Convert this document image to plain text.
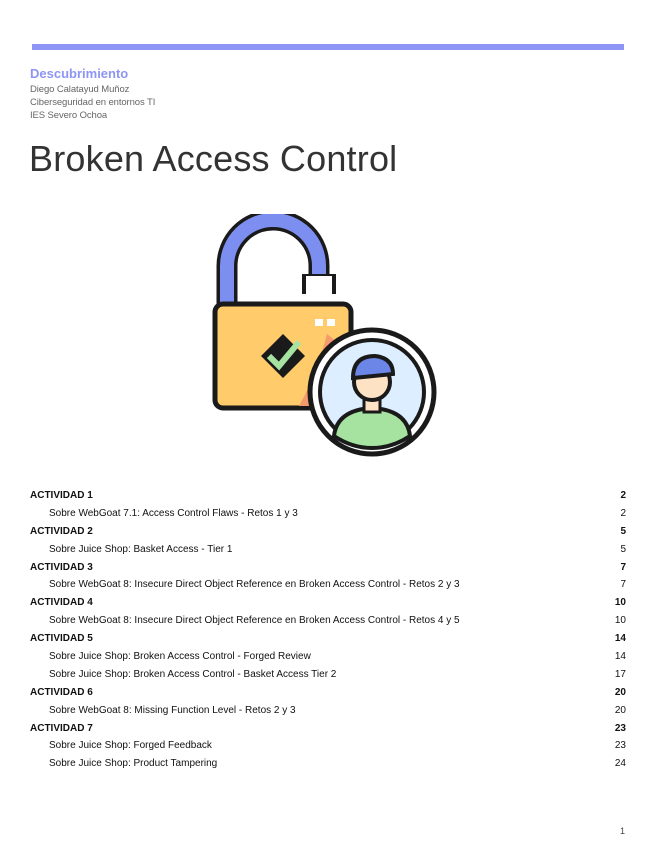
Descubrimiento
Diego Calatayud Muñoz
Ciberseguridad en entornos TI
IES Severo Ochoa
Broken Access Control
ACTIVIDAD 1	2
Sobre WebGoat 7.1: Access Control Flaws - Retos 1 y 3	2
ACTIVIDAD 2	5
Sobre Juice Shop: Basket Access - Tier 1	5
ACTIVIDAD 3	7
Sobre WebGoat 8: Insecure Direct Object Reference en Broken Access Control - Retos 2 y 3	7
ACTIVIDAD 4	10
Sobre WebGoat 8: Insecure Direct Object Reference en Broken Access Control - Retos 4 y 5	10
ACTIVIDAD 5	14
Sobre Juice Shop: Broken Access Control - Forged Review	14
Sobre Juice Shop: Broken Access Control - Basket Access Tier 2	17
ACTIVIDAD 6	20
Sobre WebGoat 8: Missing Function Level - Retos 2 y 3	20
ACTIVIDAD 7	23
Sobre Juice Shop: Forged Feedback	23
Sobre Juice Shop: Product Tampering	24
1
